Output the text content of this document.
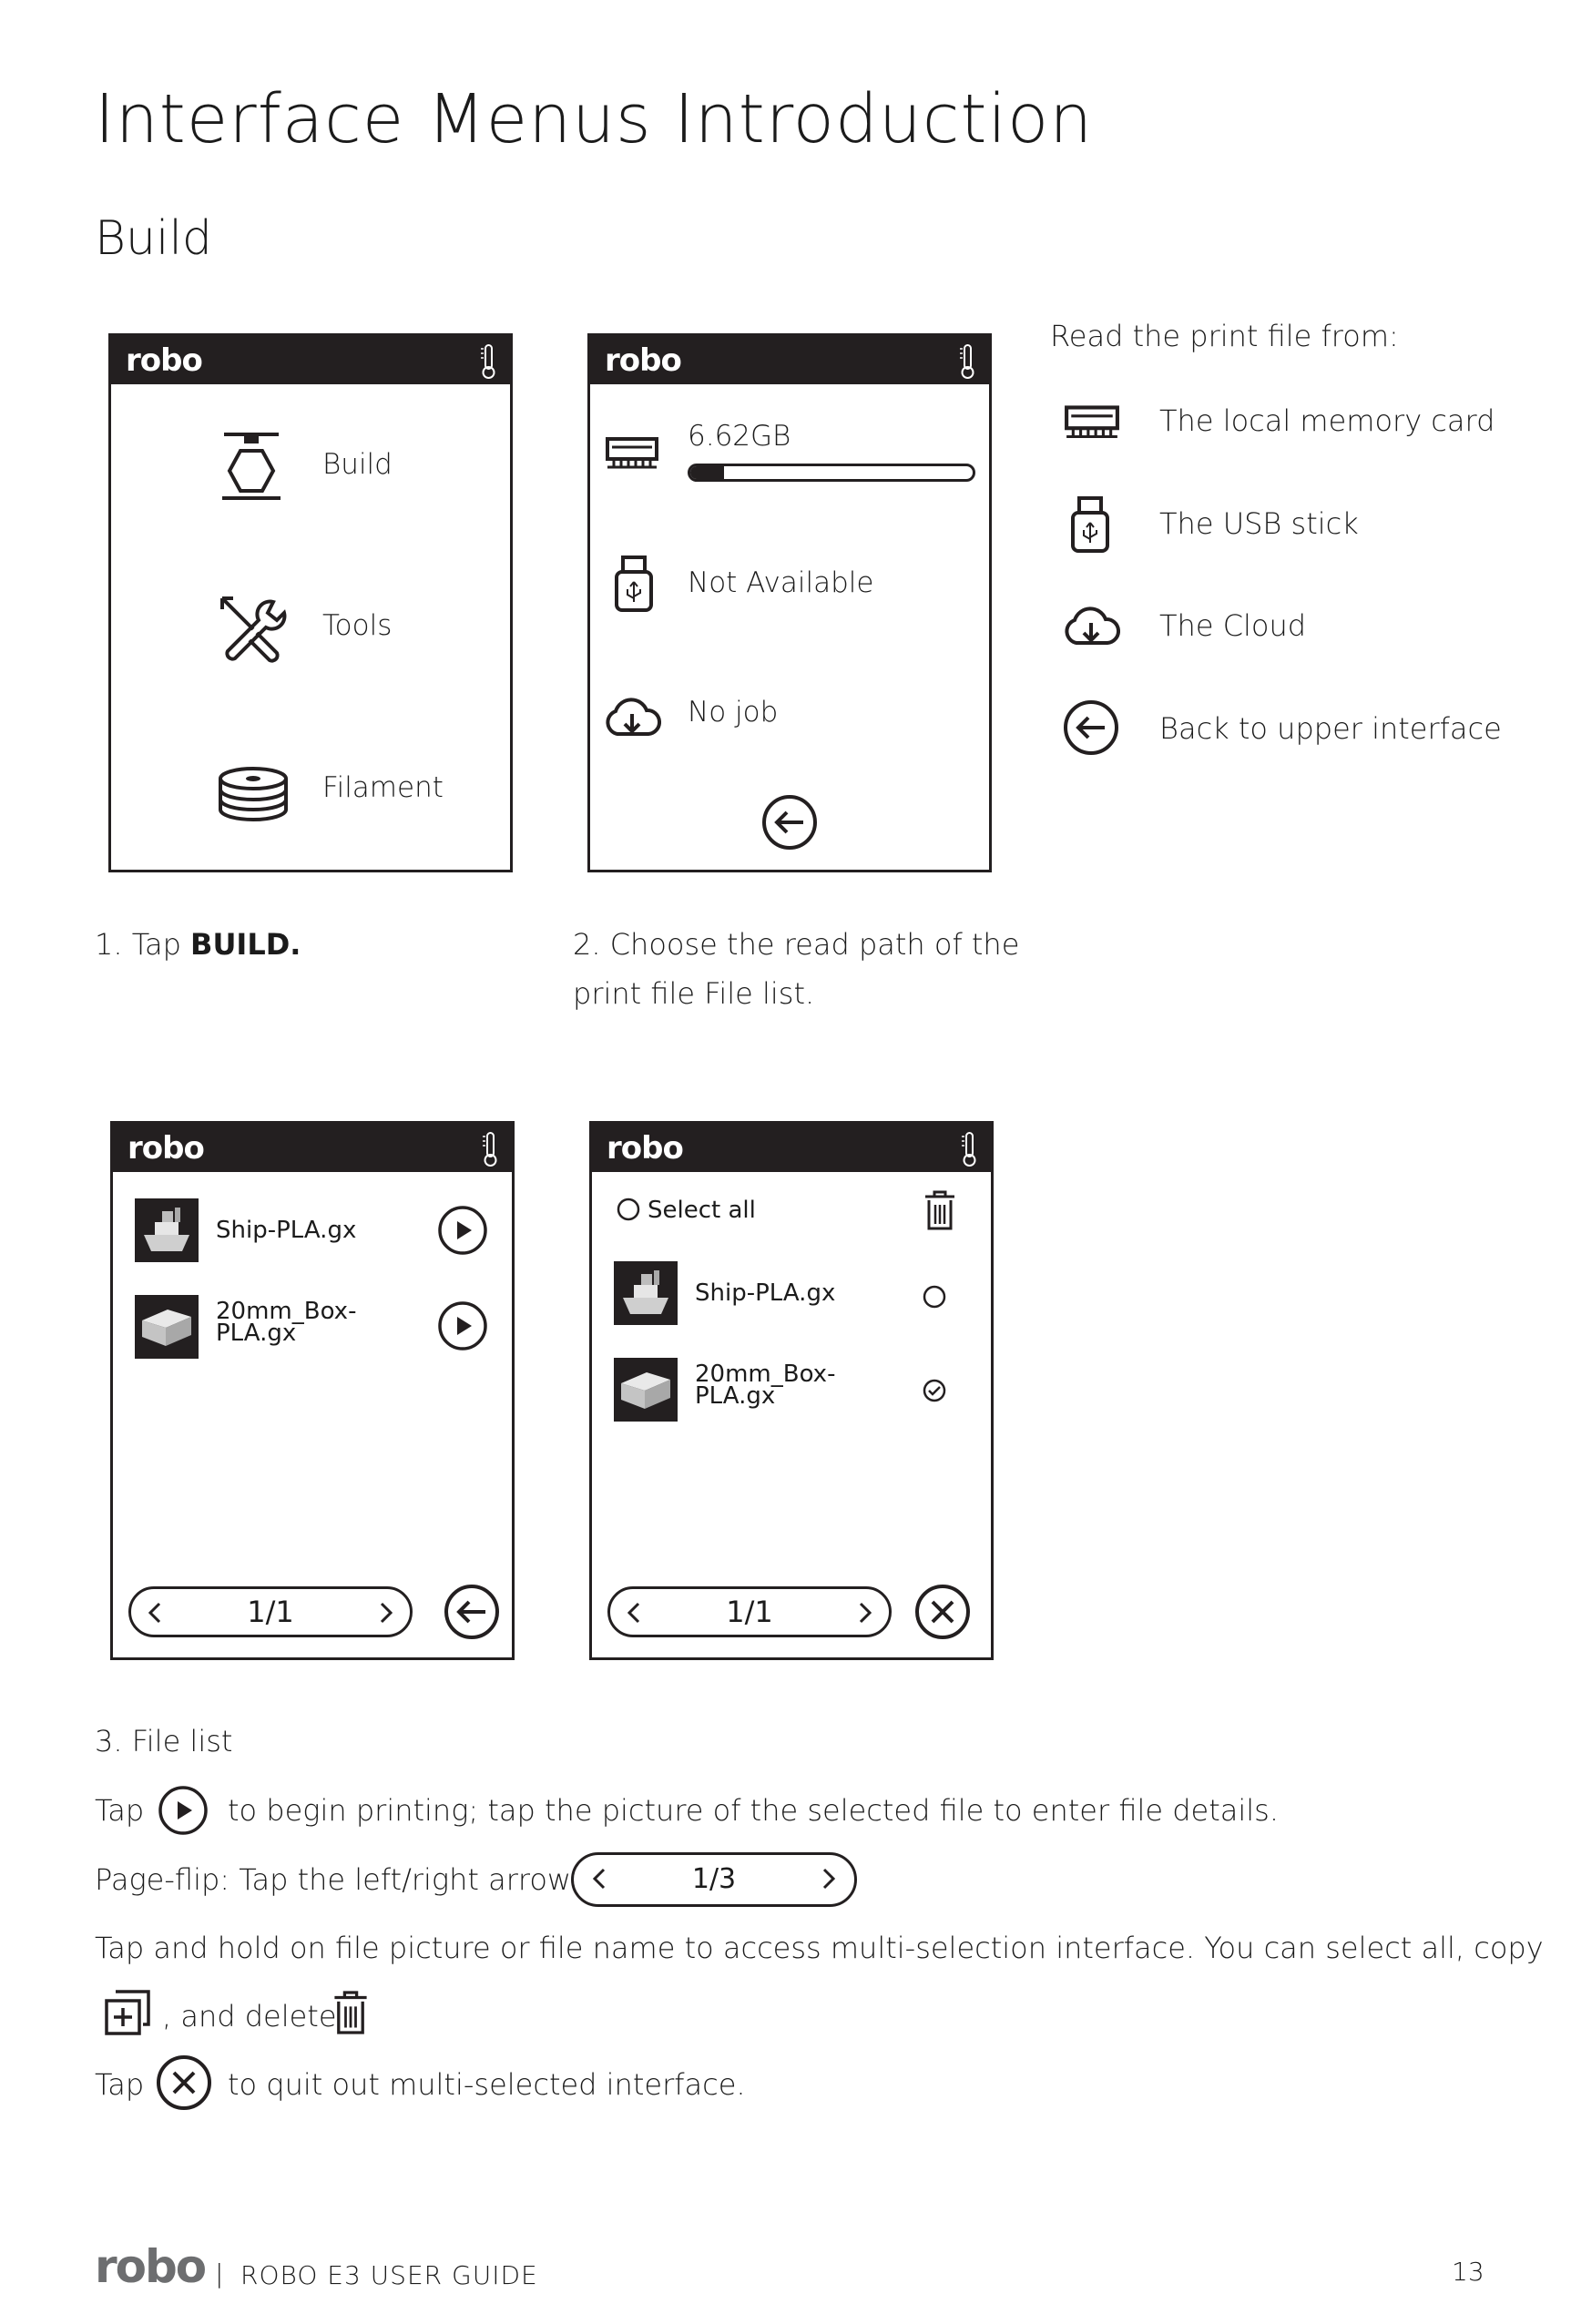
Interface Menus Introduction
Build
robo
Build
Tools
Filament
robo
6.62GB
Not Available
No job
Read the print file from:
The local memory card
The USB stick
The Cloud
Back to upper interface
1. Tap BUILD.	2. Choose the read path of the
print file File list.
robo
Ship-PLA.gx
20mm_Box-
PLA.gx
1/1
robo
Select all
Ship-PLA.gx
20mm_Box-
PLA.gx
1/1
3. File list
Tap	to begin printing; tap the picture of the selected file to enter file details.
Page-flip: Tap the left/right arrow	1/3
Tap and hold on file picture or file name to access multi-selection interface. You can select all, copy
, and delete
Tap	to quit out multi-selected interface.
robo | ROBO E3 USER GUIDE	13
